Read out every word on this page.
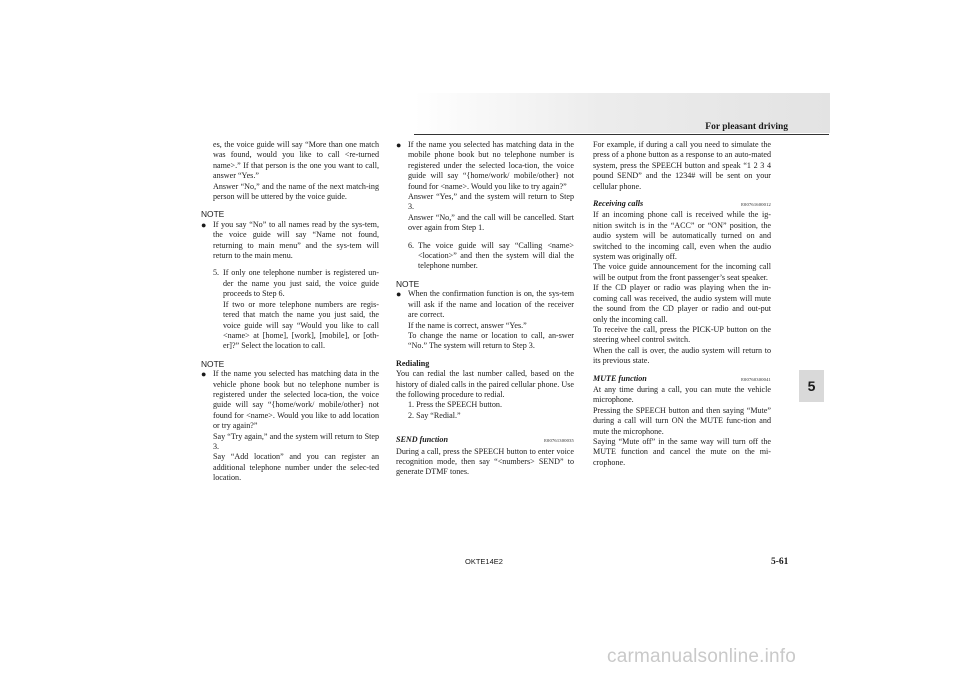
For pleasant driving
5

es, the voice guide will say “More than one match was found, would you like to call <re-turned name>.” If that person is the one you want to call, answer “Yes.”

Answer “No,” and the name of the next match-ing person will be uttered by the voice guide.

NOTE

● If you say “No” to all names read by the sys-tem, the voice guide will say “Name not found, returning to main menu” and the sys-tem will return to the main menu.

5. If only one telephone number is registered un-der the name you just said, the voice guide proceeds to Step 6.

If two or more telephone numbers are regis-tered that match the name you just said, the voice guide will say “Would you like to call <name> at [home], [work], [mobile], or [oth-er]?” Select the location to call.

NOTE

● If the name you selected has matching data in the vehicle phone book but no telephone number is registered under the selected loca-tion, the voice guide will say “{home/work/ mobile/other} not found for <name>. Would you like to add location or try again?”

Say “Try again,” and the system will return to Step 3.

Say “Add location” and you can register an additional telephone number under the selec-ted location.

● If the name you selected has matching data in the mobile phone book but no telephone number is registered under the selected loca-tion, the voice guide will say “{home/work/ mobile/other} not found for <name>. Would you like to try again?”

Answer “Yes,” and the system will return to Step 3.

Answer “No,” and the call will be cancelled. Start over again from Step 1.

6. The voice guide will say “Calling <name> <location>” and then the system will dial the telephone number.

NOTE

● When the confirmation function is on, the sys-tem will ask if the name and location of the receiver are correct.

If the name is correct, answer “Yes.”

To change the name or location to call, an-swer “No.” The system will return to Step 3.

Redialing

You can redial the last number called, based on the history of dialed calls in the paired cellular phone. Use the following procedure to redial.

1. Press the SPEECH button.

2. Say “Redial.”

SEND function	E00761300035

During a call, press the SPEECH button to enter voice recognition mode, then say “<numbers> SEND” to generate DTMF tones.

For example, if during a call you need to simulate the press of a phone button as a response to an auto-mated system, press the SPEECH button and speak “1 2 3 4 pound SEND” and the 1234# will be sent on your cellular phone.

Receiving calls	E00761600012

If an incoming phone call is received while the ig-nition switch is in the “ACC” or “ON” position, the audio system will be automatically turned on and switched to the incoming call, even when the audio system was originally off.

The voice guide announcement for the incoming call will be output from the front passenger’s seat speaker.

If the CD player or radio was playing when the in-coming call was received, the audio system will mute the sound from the CD player or radio and out-put only the incoming call.

To receive the call, press the PICK-UP button on the steering wheel control switch.

When the call is over, the audio system will return to its previous state.

MUTE function	E00760300041

At any time during a call, you can mute the vehicle microphone.

Pressing the SPEECH button and then saying “Mute” during a call will turn ON the MUTE func-tion and mute the microphone.

Saying “Mute off” in the same way will turn off the MUTE function and cancel the mute on the mi-crophone.

OKTE14E2	5-61
carmanualsonline.info
